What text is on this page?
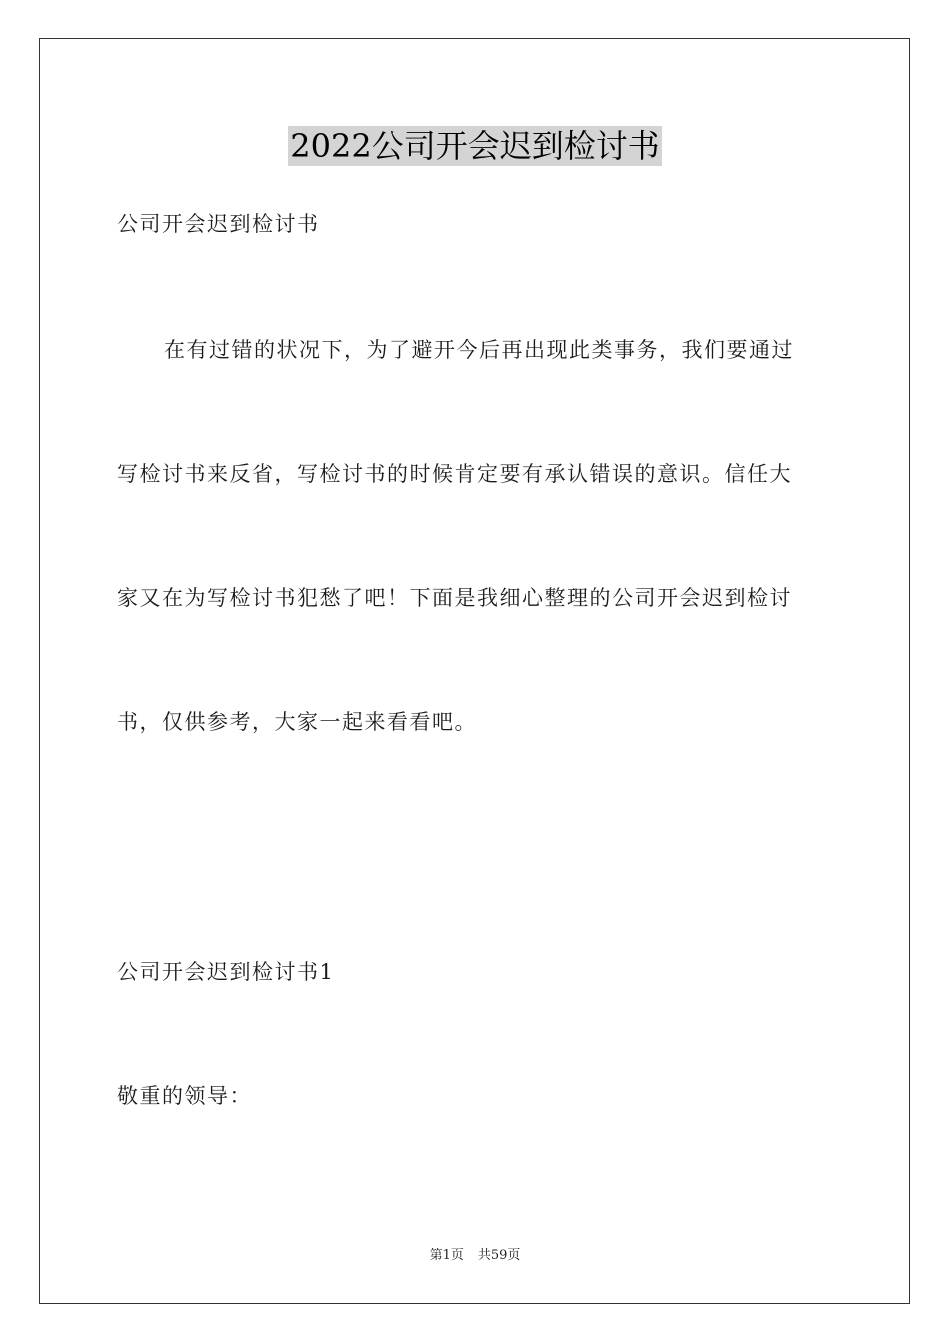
2022公司开会迟到检讨书
公司开会迟到检讨书
在有过错的状况下，为了避开今后再出现此类事务，我们要通过
写检讨书来反省，写检讨书的时候肯定要有承认错误的意识。信任大
家又在为写检讨书犯愁了吧！下面是我细心整理的公司开会迟到检讨
书，仅供参考，大家一起来看看吧。
公司开会迟到检讨书1
敬重的领导：
第1页 共59页
